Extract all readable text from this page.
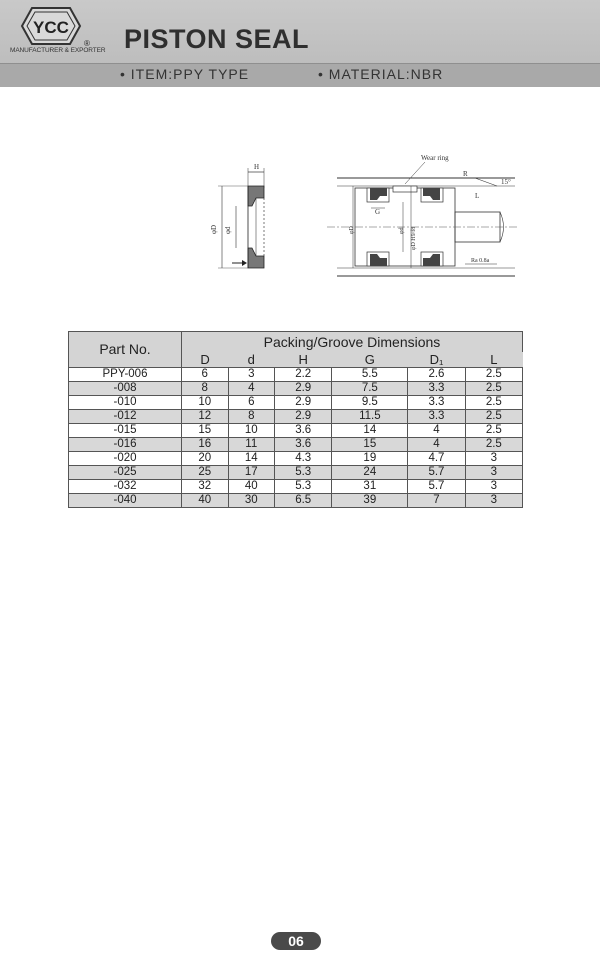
YCC
®
MANUFACTURER & EXPORTER PISTON SEAL
• ITEM:PPY TYPE	• MATERIAL:NBR
H
φD φd
Wear ring
R
15°
L
G
φD	φd φD H9/f8
Ra 0.8a
Part No.	Packing/Groove Dimensions					
	D	d	H	G	D₁	L
PPY-006	6	3	2.2	5.5	2.6	2.5
-008	8	4	2.9	7.5	3.3	2.5
-010	10	6	2.9	9.5	3.3	2.5
-012	12	8	2.9	11.5	3.3	2.5
-015	15	10	3.6	14	4	2.5
-016	16	11	3.6	15	4	2.5
-020	20	14	4.3	19	4.7	3
-025	25	17	5.3	24	5.7	3
-032	32	40	5.3	31	5.7	3
-040	40	30	6.5	39	7	3
06
